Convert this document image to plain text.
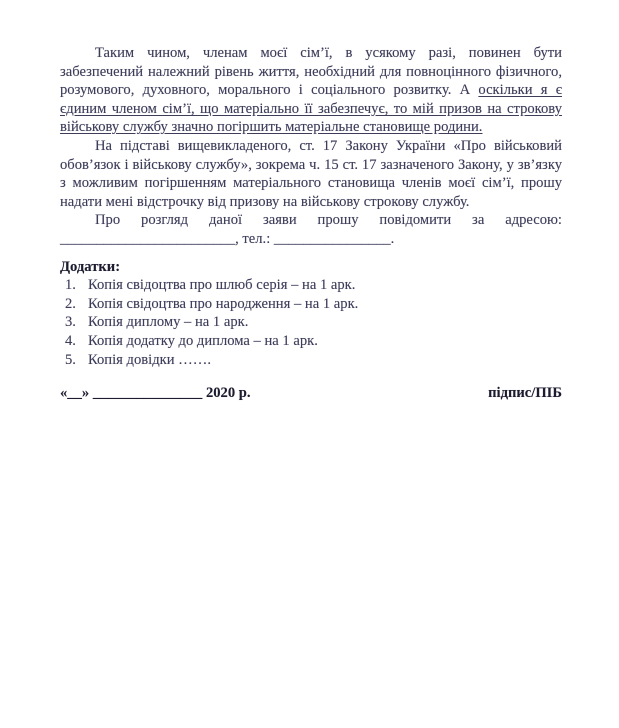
Таким чином, членам моєї сім’ї, в усякому разі, повинен бути забезпечений належний рівень життя, необхідний для повноцінного фізичного, розумового, духовного, морального і соціального розвитку. А оскільки я є єдиним членом сім’ї, що матеріально її забезпечує, то мій призов на строкову військову службу значно погіршить матеріальне становище родини.

На підставі вищевикладеного, ст. 17 Закону України «Про військовий обов’язок і військову службу», зокрема ч. 15 ст. 17 зазначеного Закону, у зв’язку з можливим погіршенням матеріального становища членів моєї сім’ї, прошу надати мені відстрочку від призову на військову строкову службу.

Про розгляд даної заяви прошу повідомити за адресою: ________________________, тел.: ________________.

Додатки:
1. Копія свідоцтва про шлюб серія – на 1 арк.
2. Копія свідоцтва про народження – на 1 арк.
3. Копія диплому – на 1 арк.
4. Копія додатку до диплома – на 1 арк.
5. Копія довідки …….
«__» _______________ 2020 р.	підпис/ПІБ
